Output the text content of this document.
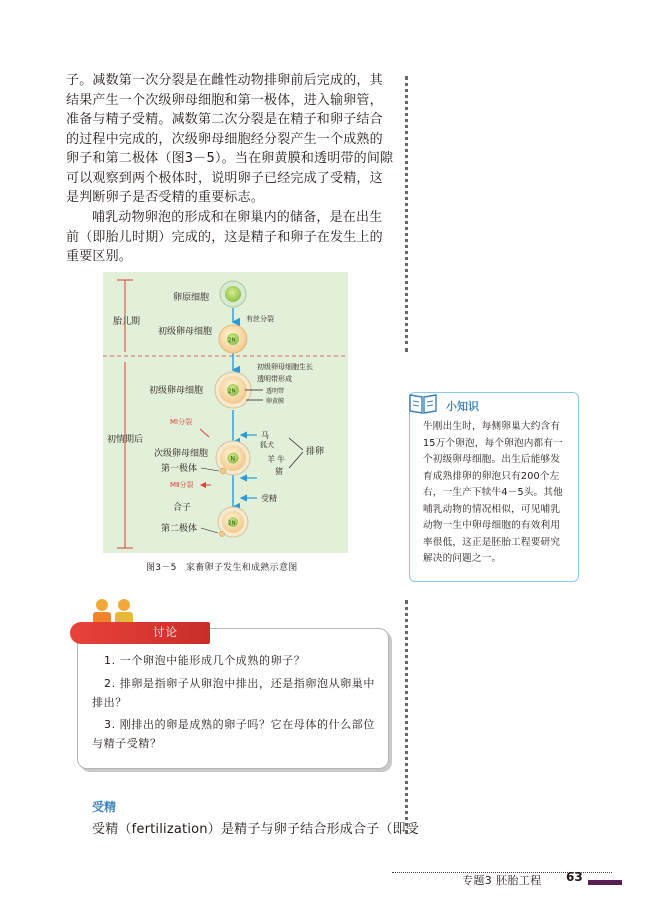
子。减数第一次分裂是在雌性动物排卵前后完成的，其结果产生一个次级卵母细胞和第一极体，进入输卵管，准备与精子受精。减数第二次分裂是在精子和卵子结合的过程中完成的，次级卵母细胞经分裂产生一个成熟的卵子和第二极体（图3－5）。当在卵黄膜和透明带的间隙可以观察到两个极体时，说明卵子已经完成了受精，这是判断卵子是否受精的重要标志。

哺乳动物卵泡的形成和在卵巢内的储备，是在出生前（即胎儿时期）完成的，这是精子和卵子在发生上的重要区别。

胎儿期
初情期后
卵原细胞
有丝分裂
2N
初级卵母细胞
初级卵母细胞生长
透明带形成
2N
初级卵母细胞	透明带
卵黄膜
MⅠ分裂
MⅡ分裂
N
次级卵母细胞
第一极体
马
犬
狐
牛
羊
猪
排卵
受精
2N
合子
第二极体
图3－5　家畜卵子发生和成熟示意图
小知识

牛刚出生时，每侧卵巢大约含有15万个卵泡，每个卵泡内都有一个初级卵母细胞。出生后能够发育成熟排卵的卵泡只有200个左右，一生产下犊牛4－5头。其他哺乳动物的情况相似，可见哺乳动物一生中卵母细胞的有效利用率很低，这正是胚胎工程要研究解决的问题之一。

讨论

1. 一个卵泡中能形成几个成熟的卵子？

2. 排卵是指卵子从卵泡中排出，还是指卵泡从卵巢中排出？

3. 刚排出的卵是成熟的卵子吗？它在母体的什么部位与精子受精？

受精

受精（fertilization）是精子与卵子结合形成合子（即受

专题3 胚胎工程 63
